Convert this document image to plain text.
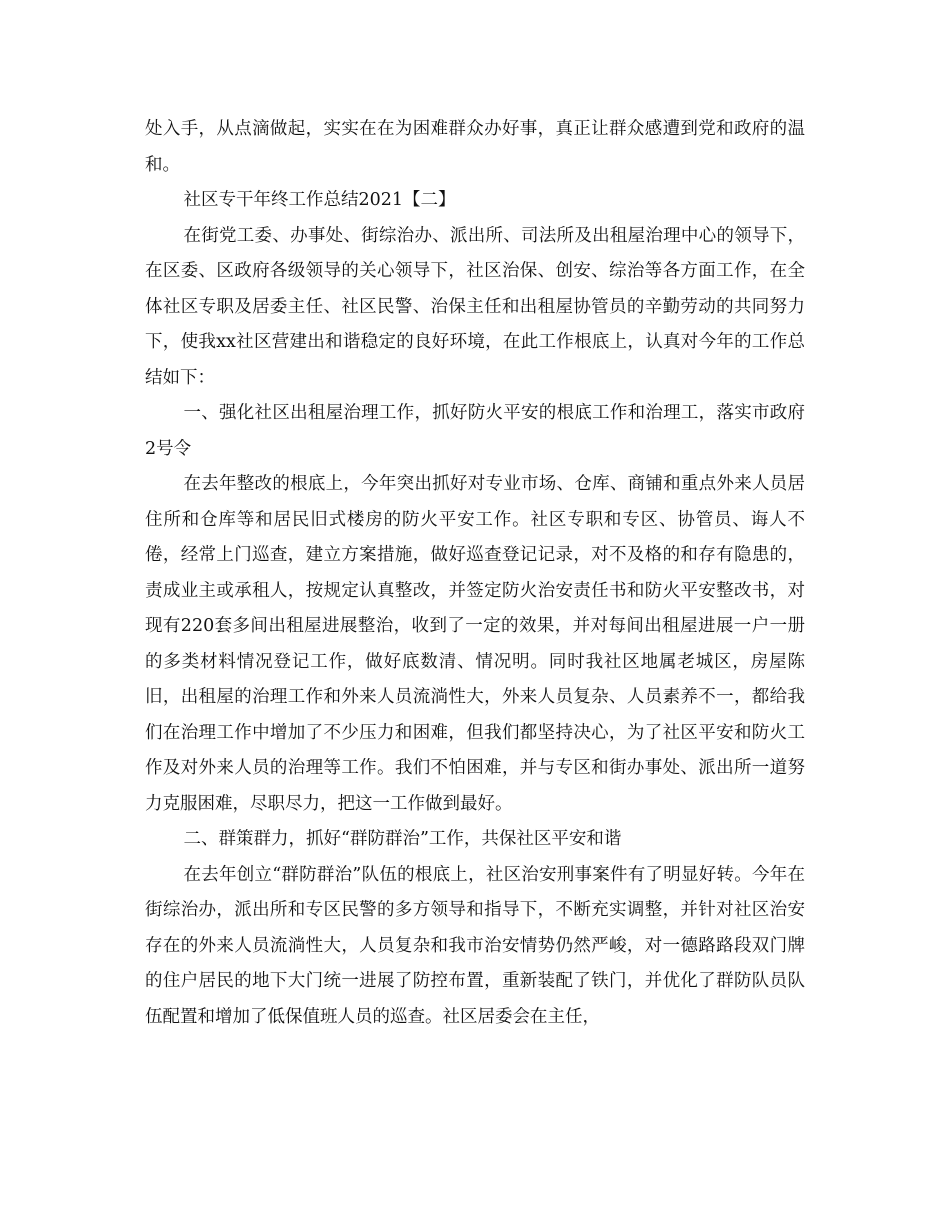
处入手，从点滴做起，实实在在为困难群众办好事，真正让群众感遭到党和政府的温和。

社区专干年终工作总结2021【二】

在街党工委、办事处、街综治办、派出所、司法所及出租屋治理中心的领导下，在区委、区政府各级领导的关心领导下，社区治保、创安、综治等各方面工作，在全体社区专职及居委主任、社区民警、治保主任和出租屋协管员的辛勤劳动的共同努力下，使我xx社区营建出和谐稳定的良好环境，在此工作根底上，认真对今年的工作总结如下：

一、强化社区出租屋治理工作，抓好防火平安的根底工作和治理工，落实市政府2号令

在去年整改的根底上，今年突出抓好对专业市场、仓库、商铺和重点外来人员居住所和仓库等和居民旧式楼房的防火平安工作。社区专职和专区、协管员、诲人不倦，经常上门巡查，建立方案措施，做好巡查登记记录，对不及格的和存有隐患的，责成业主或承租人，按规定认真整改，并签定防火治安责任书和防火平安整改书，对现有220套多间出租屋进展整治，收到了一定的效果，并对每间出租屋进展一户一册的多类材料情况登记工作，做好底数清、情况明。同时我社区地属老城区，房屋陈旧，出租屋的治理工作和外来人员流淌性大，外来人员复杂、人员素养不一，都给我们在治理工作中增加了不少压力和困难，但我们都坚持决心，为了社区平安和防火工作及对外来人员的治理等工作。我们不怕困难，并与专区和街办事处、派出所一道努力克服困难，尽职尽力，把这一工作做到最好。

二、群策群力，抓好“群防群治”工作，共保社区平安和谐

在去年创立“群防群治”队伍的根底上，社区治安刑事案件有了明显好转。今年在街综治办，派出所和专区民警的多方领导和指导下，不断充实调整，并针对社区治安存在的外来人员流淌性大，人员复杂和我市治安情势仍然严峻，对一德路路段双门牌的住户居民的地下大门统一进展了防控布置，重新装配了铁门，并优化了群防队员队伍配置和增加了低保值班人员的巡查。社区居委会在主任，
